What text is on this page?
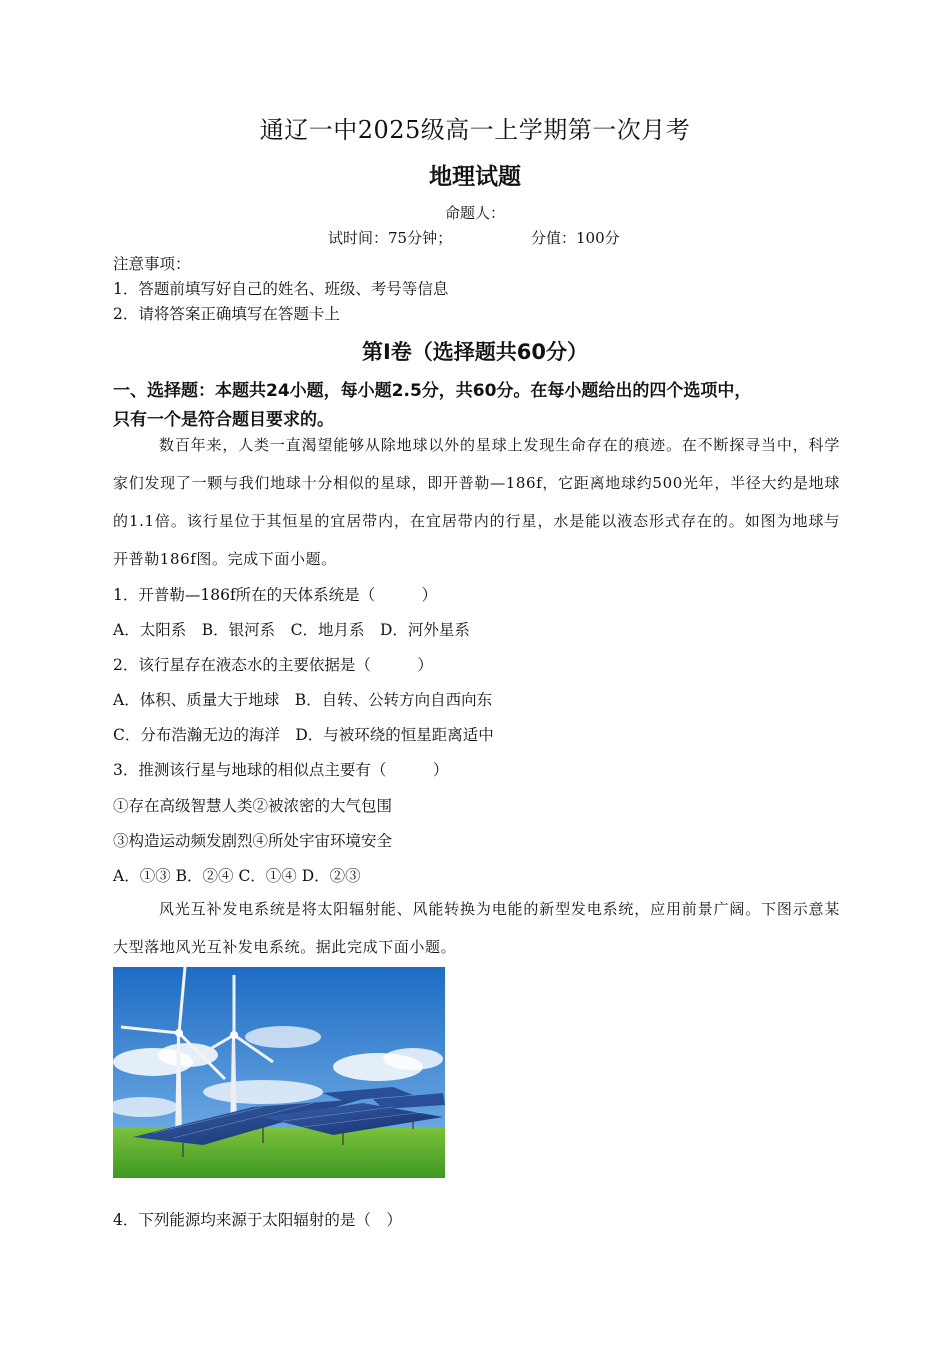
通辽一中2025级高一上学期第一次月考
地理试题
命题人：
试时间：75分钟；	分值：100分
注意事项：
1．答题前填写好自己的姓名、班级、考号等信息
2．请将答案正确填写在答题卡上
第I卷（选择题共60分）
一、选择题：本题共24小题，每小题2.5分，共60分。在每小题给出的四个选项中，
只有一个是符合题目要求的。
数百年来，人类一直渴望能够从除地球以外的星球上发现生命存在的痕迹。在不断探寻当中，科学家们发现了一颗与我们地球十分相似的星球，即开普勒—186f，它距离地球约500光年，半径大约是地球的1.1倍。该行星位于其恒星的宜居带内，在宜居带内的行星，水是能以液态形式存在的。如图为地球与开普勒186f图。完成下面小题。
1．开普勒—186f所在的天体系统是（　　　）
A．太阳系　B．银河系　C．地月系　D．河外星系
2．该行星存在液态水的主要依据是（　　　）
A．体积、质量大于地球　B．自转、公转方向自西向东
C．分布浩瀚无边的海洋　D．与被环绕的恒星距离适中
3．推测该行星与地球的相似点主要有（　　　）
①存在高级智慧人类②被浓密的大气包围
③构造运动频发剧烈④所处宇宙环境安全
A．①③ B．②④ C．①④ D．②③
风光互补发电系统是将太阳辐射能、风能转换为电能的新型发电系统，应用前景广阔。下图示意某大型落地风光互补发电系统。据此完成下面小题。
4．下列能源均来源于太阳辐射的是（　）
